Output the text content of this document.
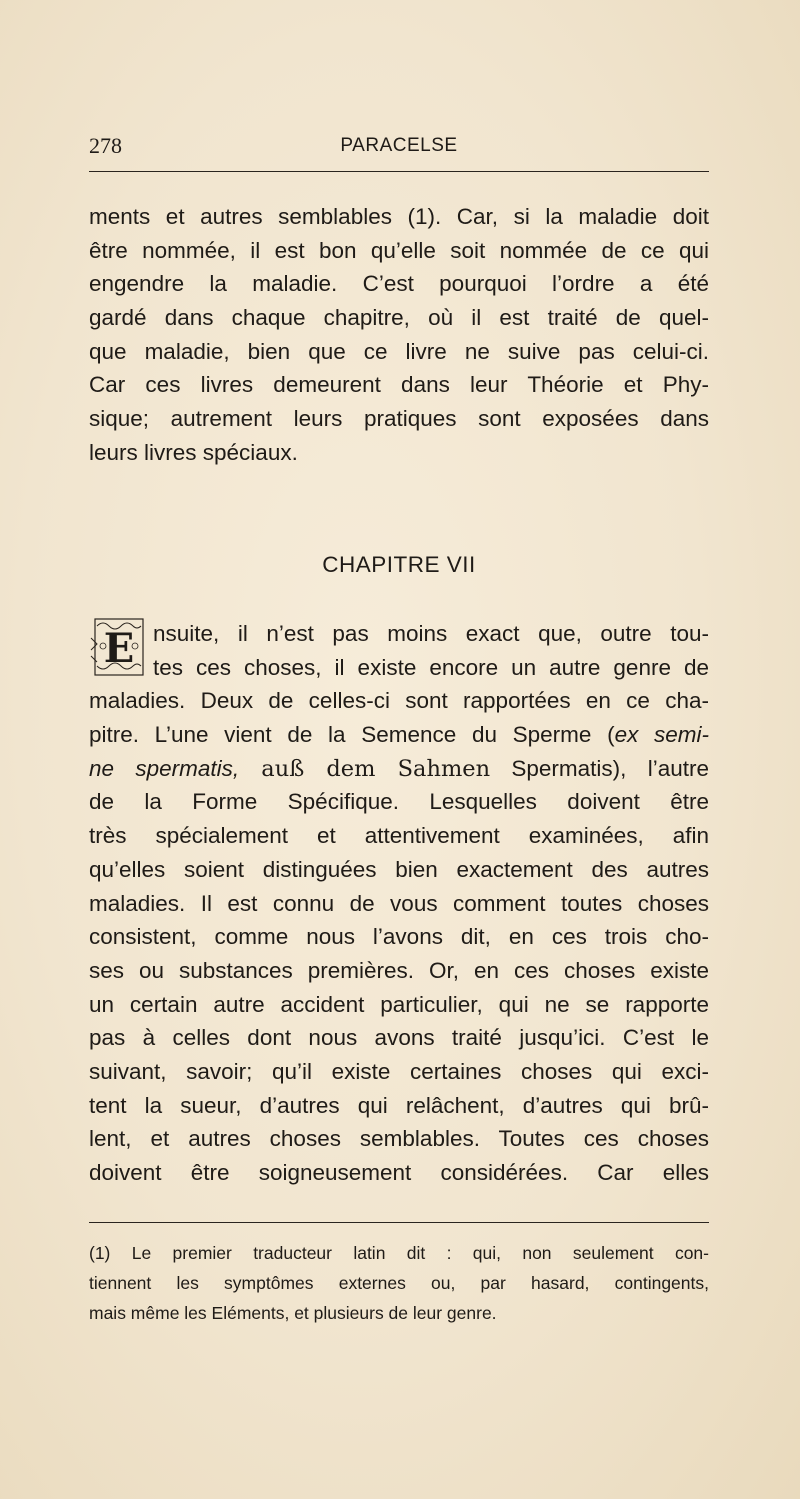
278	PARACELSE
ments et autres semblables (1). Car, si la maladie doit
être nommée, il est bon qu’elle soit nommée de ce qui
engendre la maladie. C’est pourquoi l’ordre a été
gardé dans chaque chapitre, où il est traité de quel-
que maladie, bien que ce livre ne suive pas celui-ci.
Car ces livres demeurent dans leur Théorie et Phy-
sique; autrement leurs pratiques sont exposées dans
leurs livres spéciaux.
CHAPITRE VII
E nsuite, il n’est pas moins exact que, outre tou-
tes ces choses, il existe encore un autre genre de
maladies. Deux de celles-ci sont rapportées en ce cha-
pitre. L’une vient de la Semence du Sperme (ex semi-
ne spermatis, auß dem Sahmen Spermatis), l’autre
de la Forme Spécifique. Lesquelles doivent être
très spécialement et attentivement examinées, afin
qu’elles soient distinguées bien exactement des autres
maladies. Il est connu de vous comment toutes choses
consistent, comme nous l’avons dit, en ces trois cho-
ses ou substances premières. Or, en ces choses existe
un certain autre accident particulier, qui ne se rapporte
pas à celles dont nous avons traité jusqu’ici. C’est le
suivant, savoir; qu’il existe certaines choses qui exci-
tent la sueur, d’autres qui relâchent, d’autres qui brû-
lent, et autres choses semblables. Toutes ces choses
doivent être soigneusement considérées. Car elles
(1) Le premier traducteur latin dit : qui, non seulement con-
tiennent les symptômes externes ou, par hasard, contingents,
mais même les Eléments, et plusieurs de leur genre.
